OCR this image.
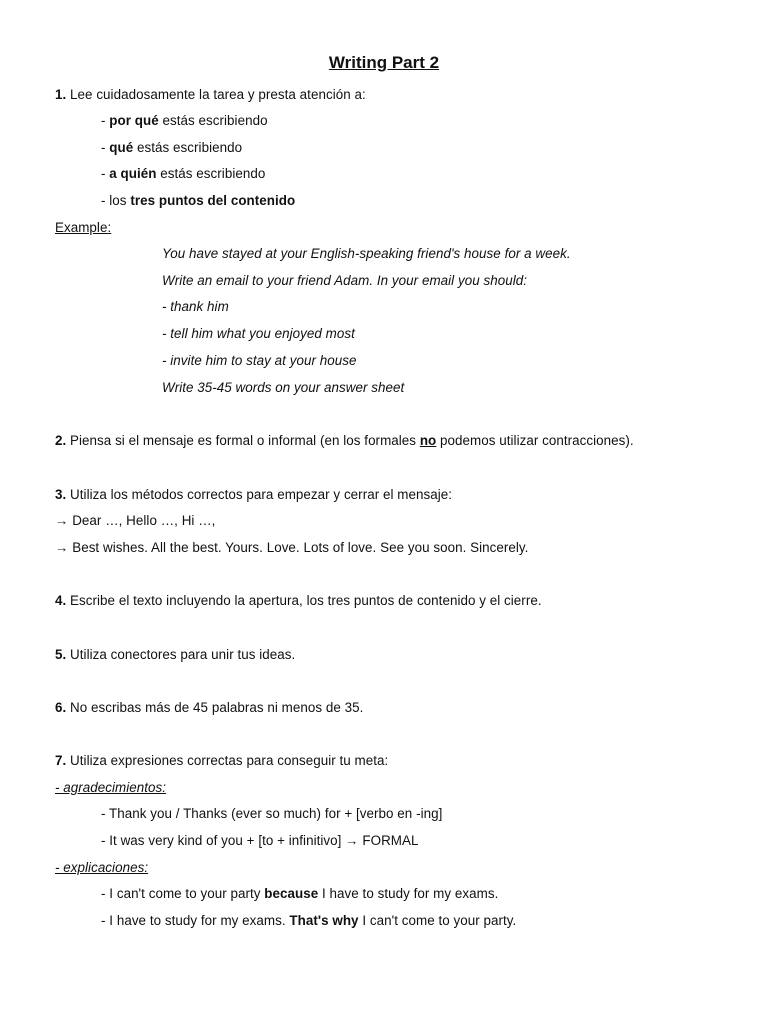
Writing Part 2
1. Lee cuidadosamente la tarea y presta atención a:
- por qué estás escribiendo
- qué estás escribiendo
- a quién estás escribiendo
- los tres puntos del contenido
Example:
You have stayed at your English-speaking friend's house for a week.
Write an email to your friend Adam. In your email you should:
- thank him
- tell him what you enjoyed most
- invite him to stay at your house
Write 35-45 words on your answer sheet
2. Piensa si el mensaje es formal o informal (en los formales no podemos utilizar contracciones).
3. Utiliza los métodos correctos para empezar y cerrar el mensaje:
→ Dear …, Hello …, Hi …,
→ Best wishes. All the best. Yours. Love. Lots of love. See you soon. Sincerely.
4. Escribe el texto incluyendo la apertura, los tres puntos de contenido y el cierre.
5. Utiliza conectores para unir tus ideas.
6. No escribas más de 45 palabras ni menos de 35.
7. Utiliza expresiones correctas para conseguir tu meta:
- agradecimientos:
- Thank you / Thanks (ever so much) for + [verbo en -ing]
- It was very kind of you + [to + infinitivo] → FORMAL
- explicaciones:
- I can't come to your party because I have to study for my exams.
- I have to study for my exams. That's why I can't come to your party.
